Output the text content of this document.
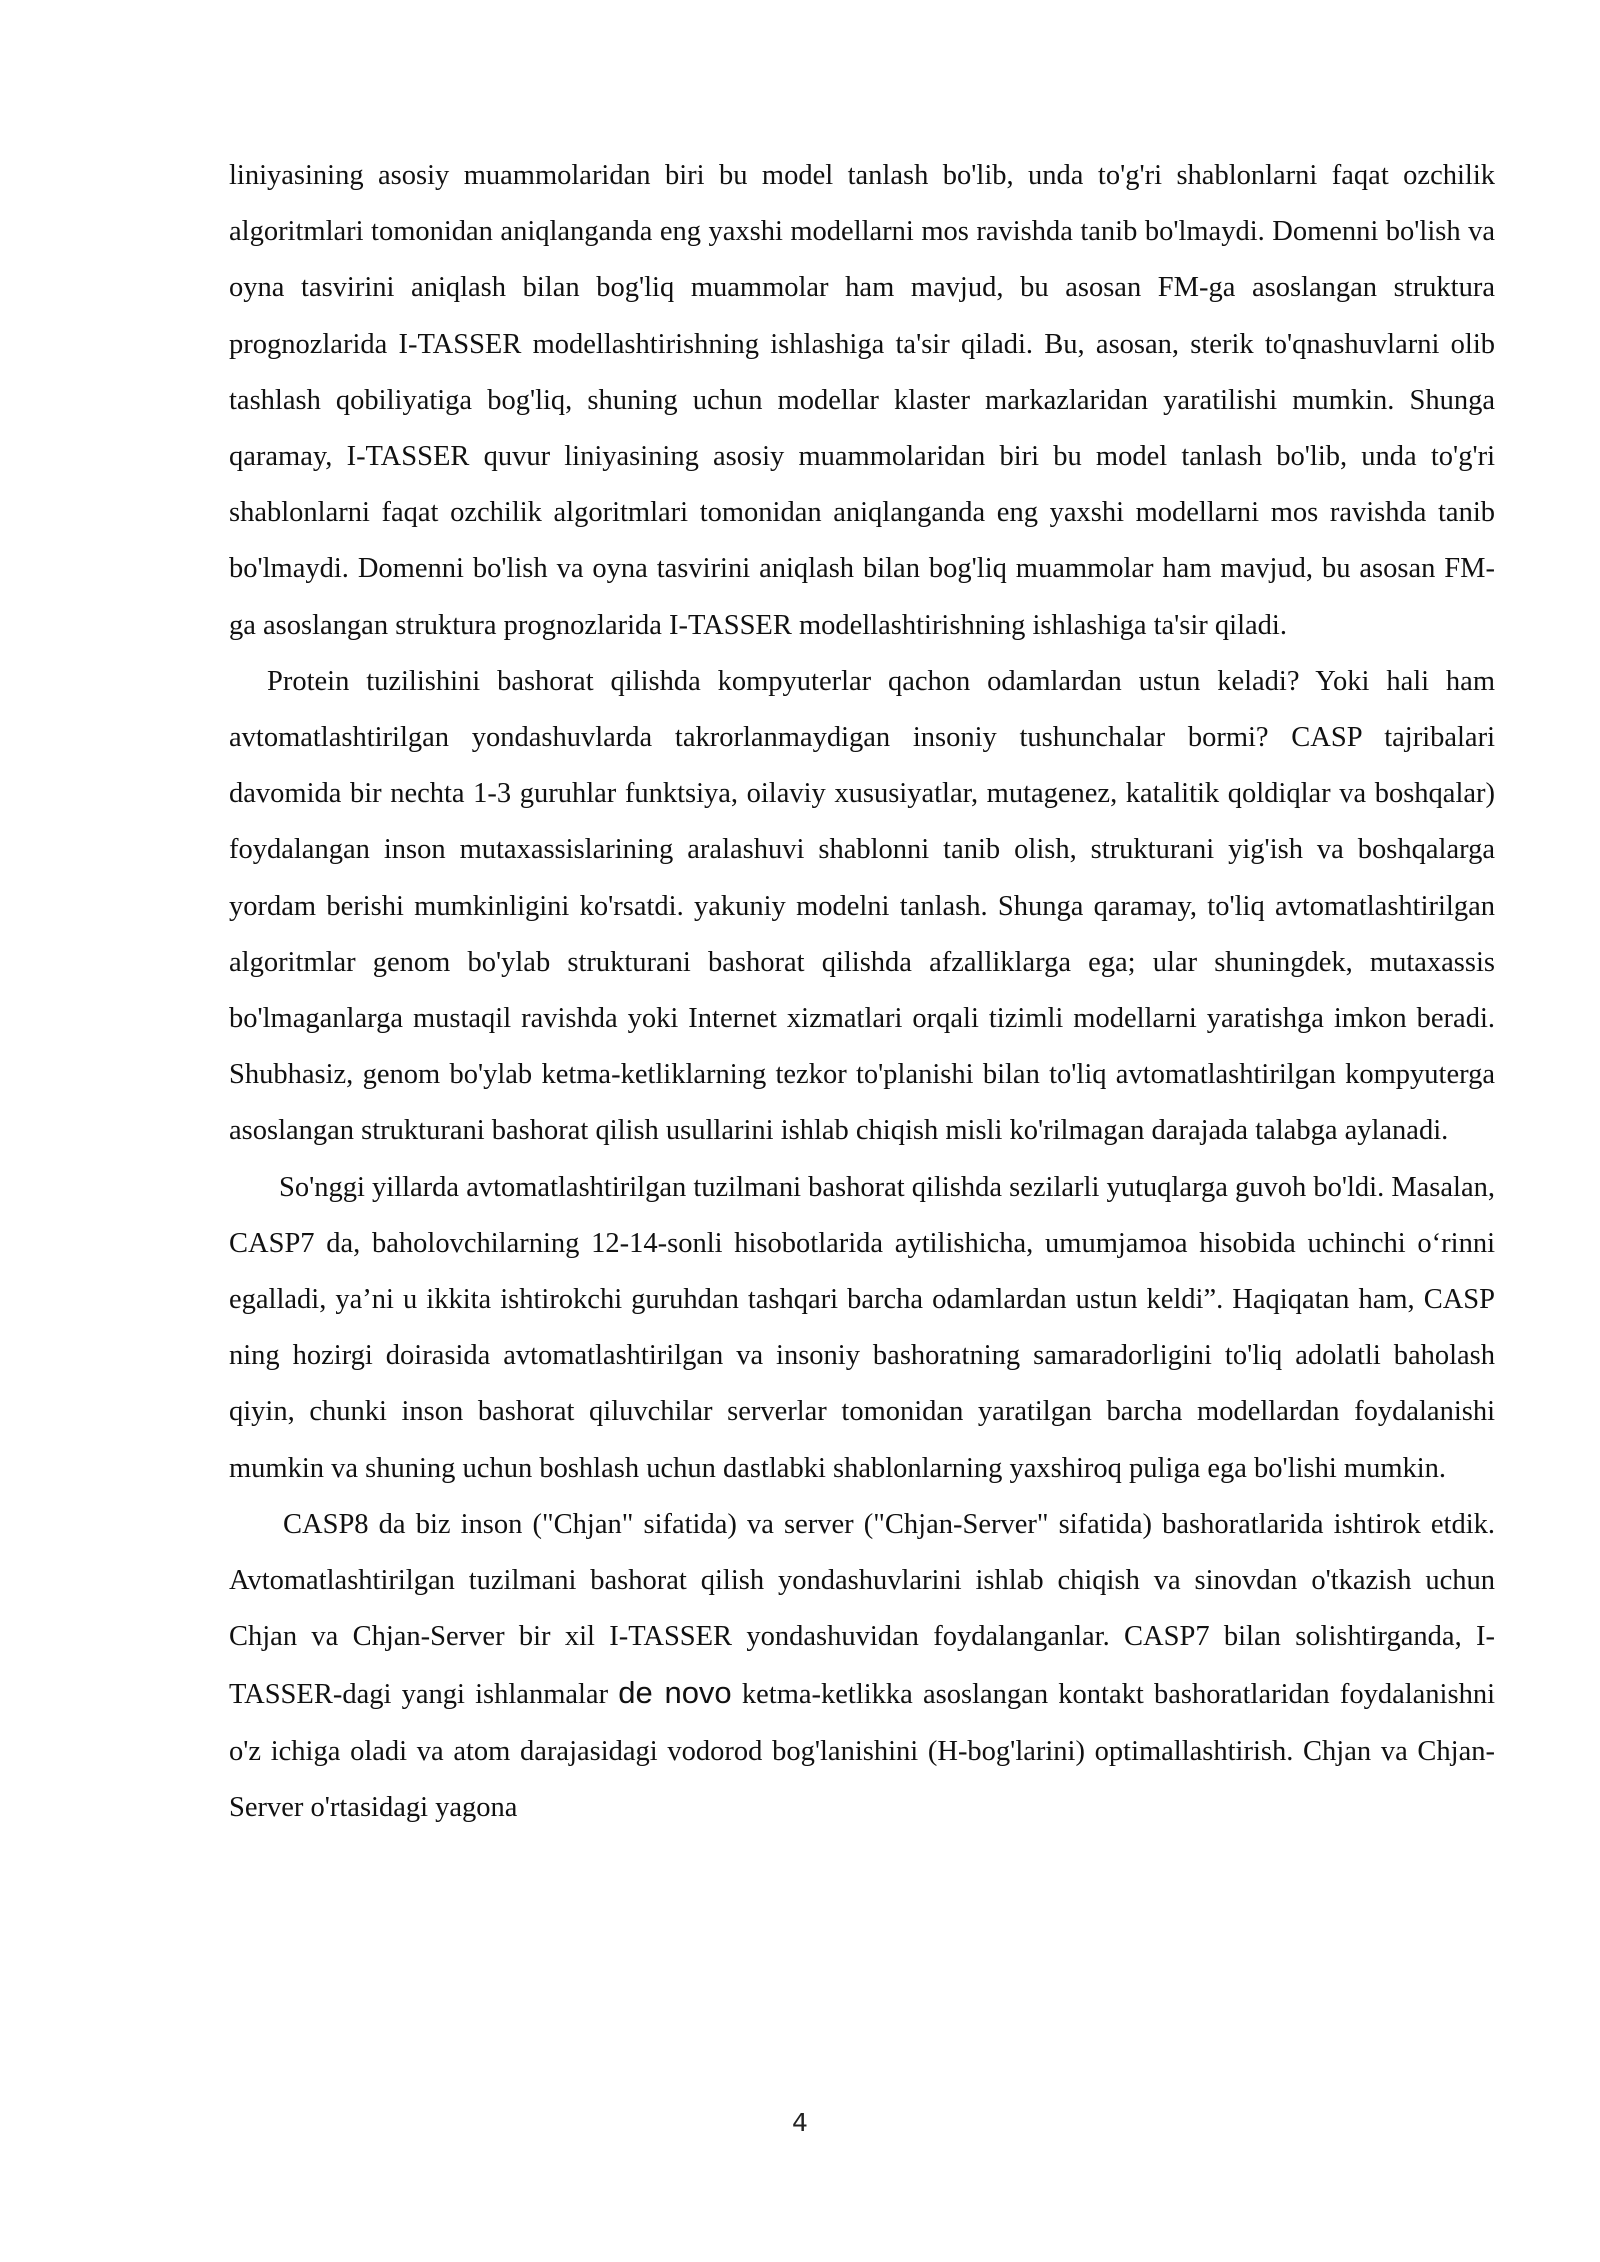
liniyasining asosiy muammolaridan biri bu model tanlash bo'lib, unda to'g'ri shablonlarni faqat ozchilik algoritmlari tomonidan aniqlanganda eng yaxshi modellarni mos ravishda tanib bo'lmaydi. Domenni bo'lish va oyna tasvirini aniqlash bilan bog'liq muammolar ham mavjud, bu asosan FM-ga asoslangan struktura prognozlarida I-TASSER modellashtirishning ishlashiga ta'sir qiladi. Bu, asosan, sterik to'qnashuvlarni olib tashlash qobiliyatiga bog'liq, shuning uchun modellar klaster markazlaridan yaratilishi mumkin. Shunga qaramay, I-TASSER quvur liniyasining asosiy muammolaridan biri bu model tanlash bo'lib, unda to'g'ri shablonlarni faqat ozchilik algoritmlari tomonidan aniqlanganda eng yaxshi modellarni mos ravishda tanib bo'lmaydi. Domenni bo'lish va oyna tasvirini aniqlash bilan bog'liq muammolar ham mavjud, bu asosan FM-ga asoslangan struktura prognozlarida I-TASSER modellashtirishning ishlashiga ta'sir qiladi.

Protein tuzilishini bashorat qilishda kompyuterlar qachon odamlardan ustun keladi? Yoki hali ham avtomatlashtirilgan yondashuvlarda takrorlanmaydigan insoniy tushunchalar bormi? CASP tajribalari davomida bir nechta 1-3 guruhlar funktsiya, oilaviy xususiyatlar, mutagenez, katalitik qoldiqlar va boshqalar) foydalangan inson mutaxassislarining aralashuvi shablonni tanib olish, strukturani yig'ish va boshqalarga yordam berishi mumkinligini ko'rsatdi. yakuniy modelni tanlash. Shunga qaramay, to'liq avtomatlashtirilgan algoritmlar genom bo'ylab strukturani bashorat qilishda afzalliklarga ega; ular shuningdek, mutaxassis bo'lmaganlarga mustaqil ravishda yoki Internet xizmatlari orqali tizimli modellarni yaratishga imkon beradi. Shubhasiz, genom bo'ylab ketma-ketliklarning tezkor to'planishi bilan to'liq avtomatlashtirilgan kompyuterga asoslangan strukturani bashorat qilish usullarini ishlab chiqish misli ko'rilmagan darajada talabga aylanadi.

So'nggi yillarda avtomatlashtirilgan tuzilmani bashorat qilishda sezilarli yutuqlarga guvoh bo'ldi. Masalan, CASP7 da, baholovchilarning 12-14-sonli hisobotlarida aytilishicha, umumjamoa hisobida uchinchi o‘rinni egalladi, ya’ni u ikkita ishtirokchi guruhdan tashqari barcha odamlardan ustun keldi”. Haqiqatan ham, CASP ning hozirgi doirasida avtomatlashtirilgan va insoniy bashoratning samaradorligini to'liq adolatli baholash qiyin, chunki inson bashorat qiluvchilar serverlar tomonidan yaratilgan barcha modellardan foydalanishi mumkin va shuning uchun boshlash uchun dastlabki shablonlarning yaxshiroq puliga ega bo'lishi mumkin.

CASP8 da biz inson ("Chjan" sifatida) va server ("Chjan-Server" sifatida) bashoratlarida ishtirok etdik. Avtomatlashtirilgan tuzilmani bashorat qilish yondashuvlarini ishlab chiqish va sinovdan o'tkazish uchun Chjan va Chjan-Server bir xil I-TASSER yondashuvidan foydalanganlar. CASP7 bilan solishtirganda, I-TASSER-dagi yangi ishlanmalar de novo ketma-ketlikka asoslangan kontakt bashoratlaridan foydalanishni o'z ichiga oladi va atom darajasidagi vodorod bog'lanishini (H-bog'larini) optimallashtirish. Chjan va Chjan-Server o'rtasidagi yagona

4
